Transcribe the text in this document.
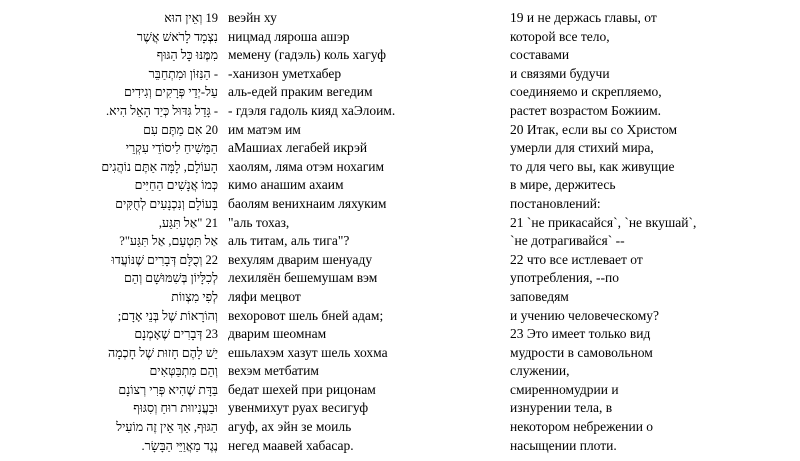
19 וְאֵין הוּא
נִצְמָד לָרֹאשׁ אֲשֶׁר
מִמֶּנּוּ כָּל הַגּוּף
- הַנִּזּוֹן וּמִתְחַבֵּר
עַל-יְדֵי פְּרָקִים וְגִידִים
- גָּדֵל גִּדּוּל כְּיַד הָאֵל הִיא.
20 אִם מַתֶּם עִם
הַמָּשִׁיחַ לִיסוֹדֵי עִקְרֵי
הָעוֹלָם, לָמָּה אַתֶּם נוֹהֲגִים
כְּמוֹ אֲנָשִׁים הַחַיִּים
בָּעוֹלָם וְנִכְנָעִים לְחֻקִּים
21 "אַל תִּגַּע,
אַל תִּטְעַם, אַל תִּגַּע"?
22 וְכֻלָּם דְּבָרִים שֶׁנּוֹעֲדוּ
לְכִלָּיוֹן בְּשִׁמּוּשָׁם וְהֵם
לְפִי מִצְווֹת
וְהוֹרָאוֹת שֶׁל בְּנֵי אָדָם;
23 דְּבָרִים שֶׁאָמְנָם
יֵשׁ לָהֶם חָזוּת שֶׁל חָכְמָה
וְהֵם מִתְבַּטְּאִים
בַּדָּת שֶׁהִיא פְּרִי רְצוֹנָם
וּבַעֲנִיווּת רוּחַ וְסִגּוּף
הַגּוּף, אַךְ אֵין זֶה מוֹעִיל
נֶגֶד מַאֲוַיֵּי הַבָּשָׂר.
веэйн ху
ницмад ляроша ашэр
мемену (гадэль) коль хагуф
-ханизон уметхабер
аль-едей праким вегедим
- гдэля гадоль кияд хаЭлоим.
им матэм им
аМашиах легабей икрэй
хаолям, ляма отэм нохагим
кимо анашим ахаим
баолям венихнаим ляхуким
"аль тохаз,
аль титам, аль тига"?
вехулям дварим шенуаду
лехиляён бешемушам вэм
ляфи мецвот
вехоровот шель бней адам;
дварим шеомнам
ешьлахэм хазут шель хохма
вехэм метбатим
бедат шехей при рицонам
увенмихут руах весигуф
агуф, ах эйн зе моиль
негед маавей хабасар.
19 и не держась главы, от
которой все тело,
составами
и связями будучи
соединяемо и скрепляемо,
растет возрастом Божиим.
20 Итак, если вы со Христом
умерли для стихий мира,
то для чего вы, как живущие
в мире, держитесь
постановлений:
21 `не прикасайся`, `не вкушай`,
`не дотрагивайся` --
22 что все истлевает от
употребления, --по
заповедям
и учению человеческому?
23 Это имеет только вид
мудрости в самовольном
служении,
смиренномудрии и
изнурении тела, в
некотором небрежении о
насыщении плоти.
